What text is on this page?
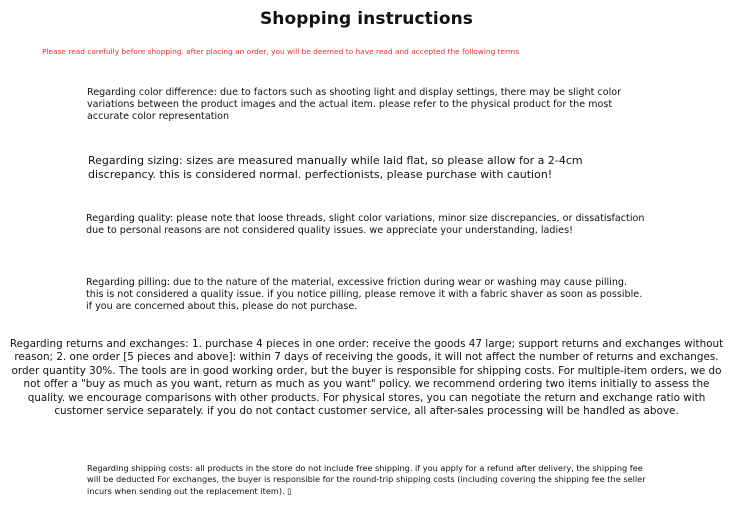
Shopping instructions
Please read carefully before shopping. after placing an order, you will be deemed to have read and accepted the following terms

Regarding color difference: due to factors such as shooting light and display settings, there may be slight color variations between the product images and the actual item. please refer to the physical product for the most accurate color representation

Regarding sizing: sizes are measured manually while laid flat, so please allow for a 2-4cm discrepancy. this is considered normal. perfectionists, please purchase with caution!

Regarding quality: please note that loose threads, slight color variations, minor size discrepancies, or dissatisfaction due to personal reasons are not considered quality issues. we appreciate your understanding, ladies!

Regarding pilling: due to the nature of the material, excessive friction during wear or washing may cause pilling. this is not considered a quality issue. if you notice pilling, please remove it with a fabric shaver as soon as possible. if you are concerned about this, please do not purchase.

Regarding returns and exchanges: 1. purchase 4 pieces in one order: receive the goods 47 large; support returns and exchanges without reason; 2. one order [5 pieces and above]: within 7 days of receiving the goods, it will not affect the number of returns and exchanges. order quantity 30%. The tools are in good working order, but the buyer is responsible for shipping costs. For multiple-item orders, we do not offer a "buy as much as you want, return as much as you want" policy. we recommend ordering two items initially to assess the quality. we encourage comparisons with other products. For physical stores, you can negotiate the return and exchange ratio with customer service separately. if you do not contact customer service, all after-sales processing will be handled as above.

Regarding shipping costs: all products in the store do not include free shipping. if you apply for a refund after delivery, the shipping fee will be deducted For exchanges, the buyer is responsible for the round-trip shipping costs (including covering the shipping fee the seller incurs when sending out the replacement item). ▯
